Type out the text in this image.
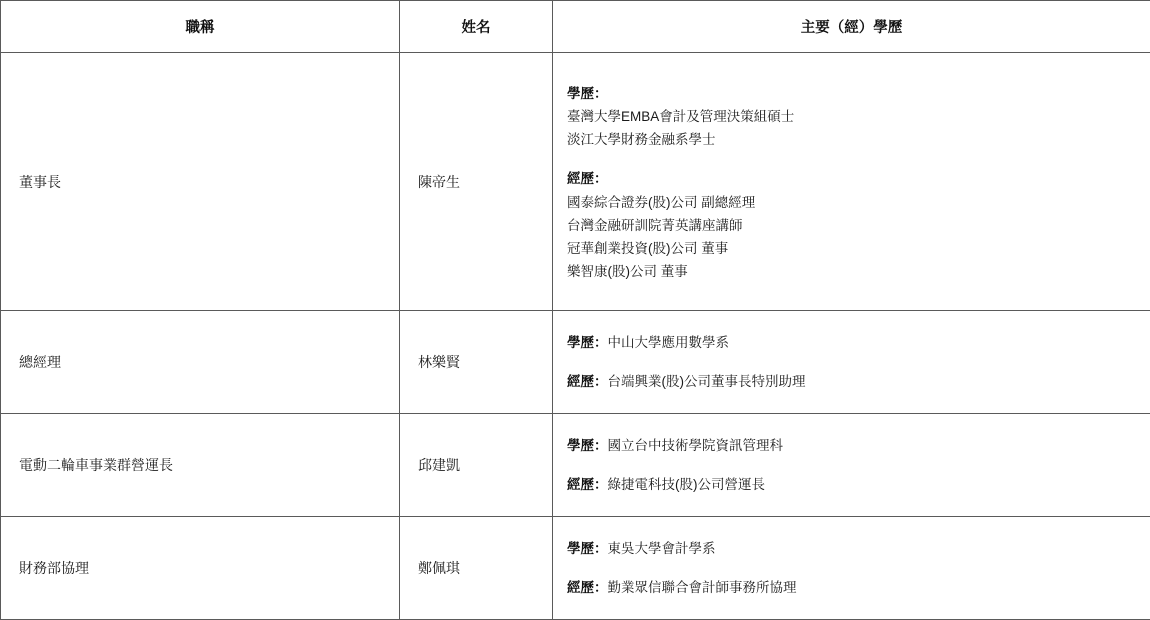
職稱	姓名	主要（經）學歷
董事長	陳帝生	
學歷：
臺灣大學EMBA會計及管理決策組碩士
淡江大學財務金融系學士
經歷：
國泰綜合證券(股)公司 副總經理
台灣金融研訓院菁英講座講師
冠華創業投資(股)公司 董事
樂智康(股)公司 董事

總經理	林樂賢	學歷：中山大學應用數學系
經歷：台端興業(股)公司董事長特別助理

電動二輪車事業群營運長	邱建凱	學歷：國立台中技術學院資訊管理科
經歷：綠捷電科技(股)公司營運長

財務部協理	鄭佩琪	學歷：東吳大學會計學系
經歷：勤業眾信聯合會計師事務所協理
